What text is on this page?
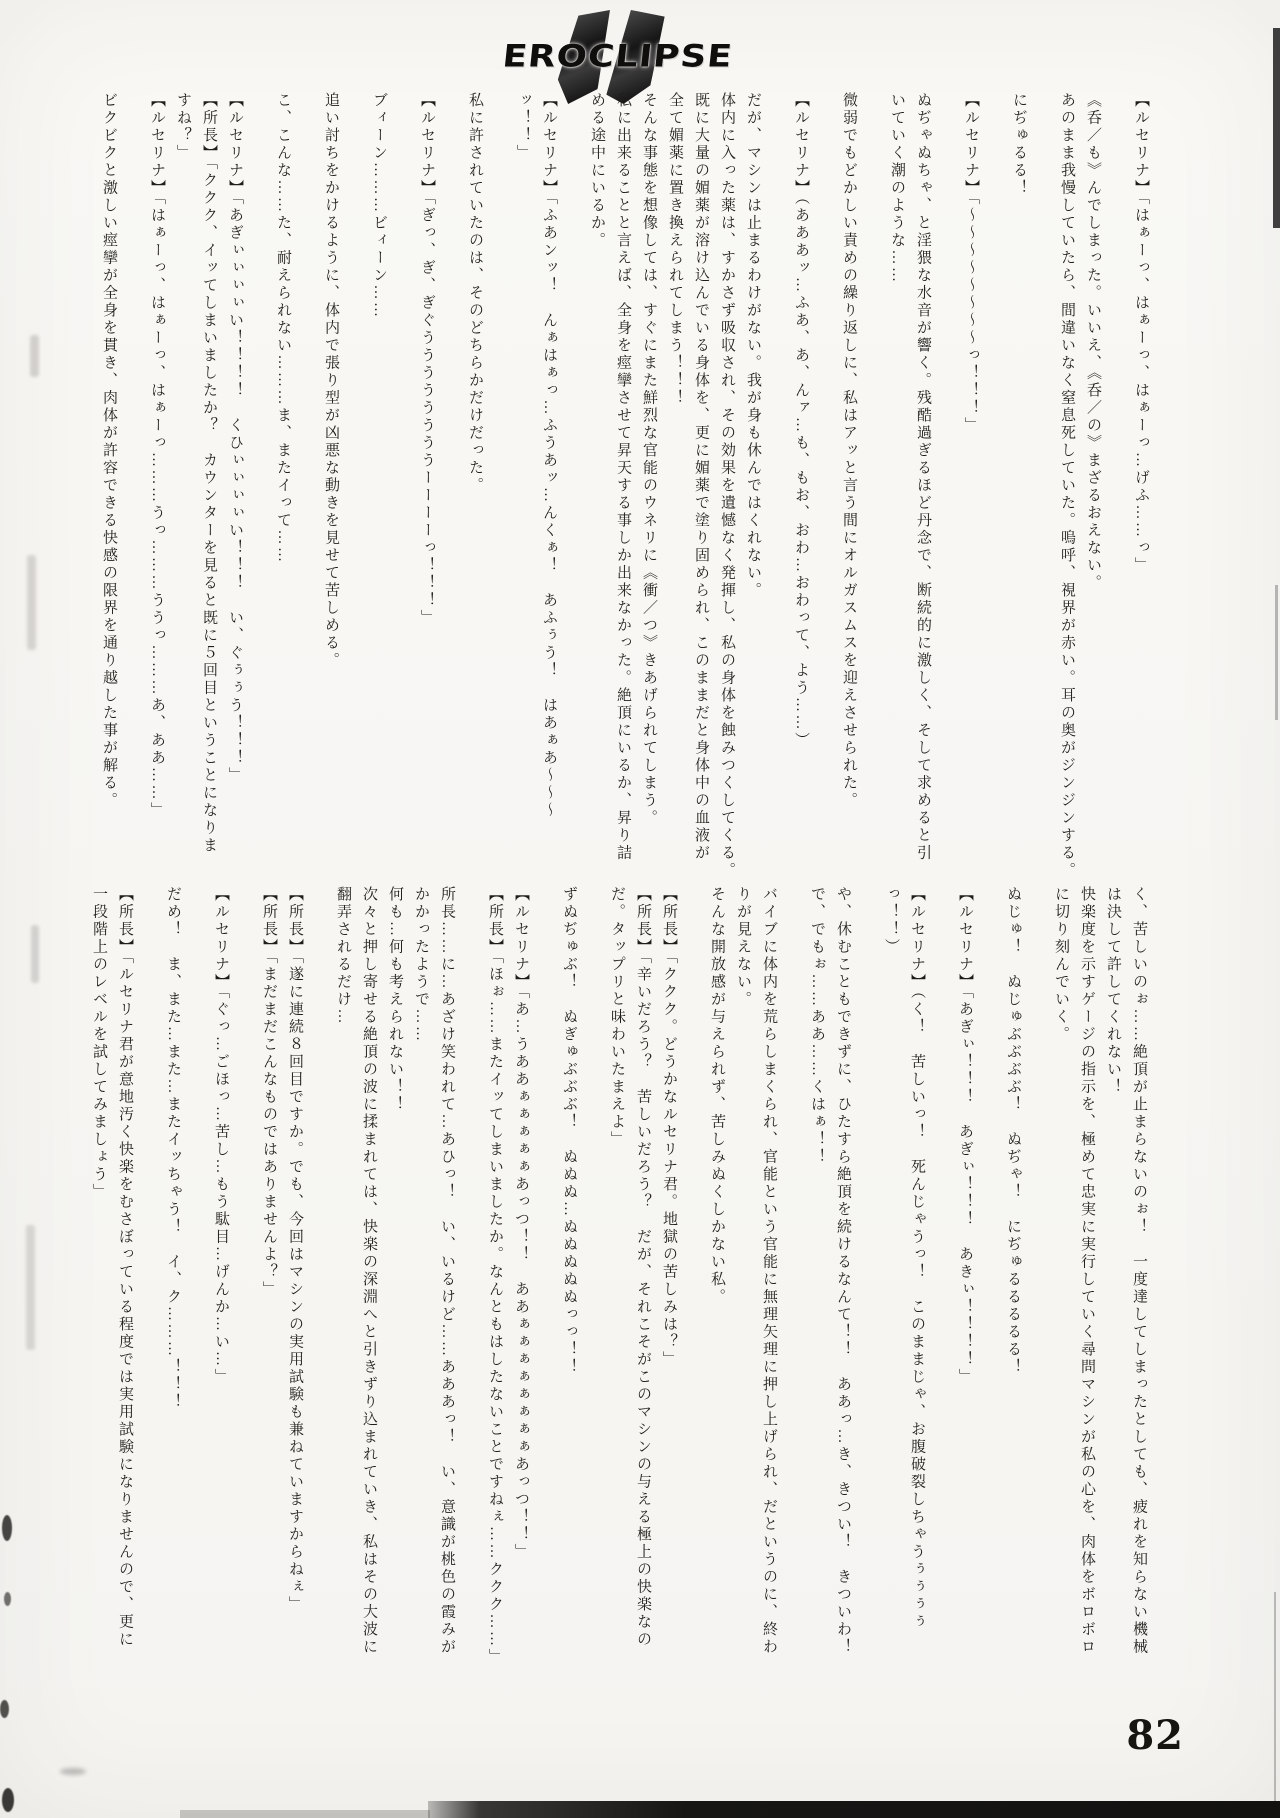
EROCLIPSE
【ルセリナ】「はぁーっ、はぁーっ、はぁーっ…げふ……っ」
《呑／も》んでしまった。いいえ、《呑／の》まざるおえない。
あのまま我慢していたら、間違いなく窒息死していた。嗚呼、視界が赤い。耳の奥がジンジンする。
にぢゅるる！
【ルセリナ】「〜〜〜〜〜〜〜〜っ！！！」
ぬぢゃぬちゃ、と淫猥な水音が響く。残酷過ぎるほど丹念で、断続的に激しく、そして求めると引
いていく潮のような……
微弱でもどかしい責めの繰り返しに、私はアッと言う間にオルガスムスを迎えさせられた。
【ルセリナ】（あああッ…ふあ、あ、んァ…も、もお、おわ…おわって、よう……）
だが、マシンは止まるわけがない。我が身も休んではくれない。
体内に入った薬は、すかさず吸収され、その効果を遺憾なく発揮し、私の身体を蝕みつくしてくる。
既に大量の媚薬が溶け込んでいる身体を、更に媚薬で塗り固められ、このままだと身体中の血液が
全て媚薬に置き換えられてしまう！！！
そんな事態を想像しては、すぐにまた鮮烈な官能のウネリに《衝／つ》きあげられてしまう。
私に出来ることと言えば、全身を痙攣させて昇天する事しか出来なかった。絶頂にいるか、昇り詰
める途中にいるか。
【ルセリナ】「ふあンッ！　んぁはぁっ…ふうあッ…んくぁ！　あふぅう！　はあぁあ〜〜〜
ッ！！」
私に許されていたのは、そのどちらかだけだった。
【ルセリナ】「ぎっ、ぎ、ぎぐううううううううーーーーっ！！！」
ブィーン………ビィーン……
追い討ちをかけるように、体内で張り型が凶悪な動きを見せて苦しめる。
こ、こんな……た、耐えられない………ま、またイって……
【ルセリナ】「あぎぃぃぃぃい！！！！　くひぃぃぃぃい！！！　い、ぐぅぅう！！！」
【所長】「ククク、イッてしまいましたか？　カウンターを見ると既に５回目ということになりま
すね？」
【ルセリナ】「はぁーっ、はぁーっ、はぁーっ………うっ………ううっ………あ、ああ……」
ビクビクと激しい痙攣が全身を貫き、肉体が許容できる快感の限界を通り越した事が解る。
く、苦しいのぉ……絶頂が止まらないのぉ！　一度達してしまったとしても、疲れを知らない機械
は決して許してくれない！
快楽度を示すゲージの指示を、極めて忠実に実行していく尋問マシンが私の心を、肉体をボロボロ
に切り刻んでいく。
ぬじゅ！　ぬじゅぶぶぶぶ！　ぬぢゃ！　にぢゅるるるるる！
【ルセリナ】「あぎぃ！！！　あぎぃ！！！　あきぃ！！！！」
【ルセリナ】（く！　苦しいっ！　死んじゃうっ！　このままじゃ、お腹破裂しちゃうぅぅぅぅ
っ！！）
や、休むこともできずに、ひたすら絶頂を続けるなんて！！　ああっ…き、きつい！　きついわ！
で、でもぉ……ああ……くはぁ！！
バイブに体内を荒らしまくられ、官能という官能に無理矢理に押し上げられ、だというのに、終わ
りが見えない。
そんな開放感が与えられず、苦しみぬくしかない私。
【所長】「ククク。どうかなルセリナ君。地獄の苦しみは？」
【所長】「辛いだろう？　苦しいだろう？　だが、それこそがこのマシンの与える極上の快楽なの
だ。タップリと味わいたまえよ」
ずぬぢゅぶ！　ぬぎゅぶぶぶ！　ぬぬぬ…ぬぬぬぬぬっっ！！
【ルセリナ】「あ…うああぁぁぁぁぁあっつ！！　ああぁぁぁぁぁぁぁぁあっつ！！」
【所長】「ほぉ……またイッてしまいましたか。なんともはしたないことですねぇ……ククク……」
所長……に…あざけ笑われて…あひっ！　い、いるけど……あああっ！　い、意識が桃色の霞みが
かかったようで……
何も…何も考えられない！！
次々と押し寄せる絶頂の波に揉まれては、快楽の深淵へと引きずり込まれていき、私はその大波に
翻弄されるだけ…
【所長】「遂に連続８回目ですか。でも、今回はマシンの実用試験も兼ねていますからねぇ」
【所長】「まだまだこんなものではありませんよ？」
【ルセリナ】「ぐっ…ごほっ…苦し…もう駄目…げんか…い…」
だめ！　ま、また…また…またイッちゃう！　イ、ク………！！！
【所長】「ルセリナ君が意地汚く快楽をむさぼっている程度では実用試験になりませんので、更に
一段階上のレベルを試してみましょう」
82
